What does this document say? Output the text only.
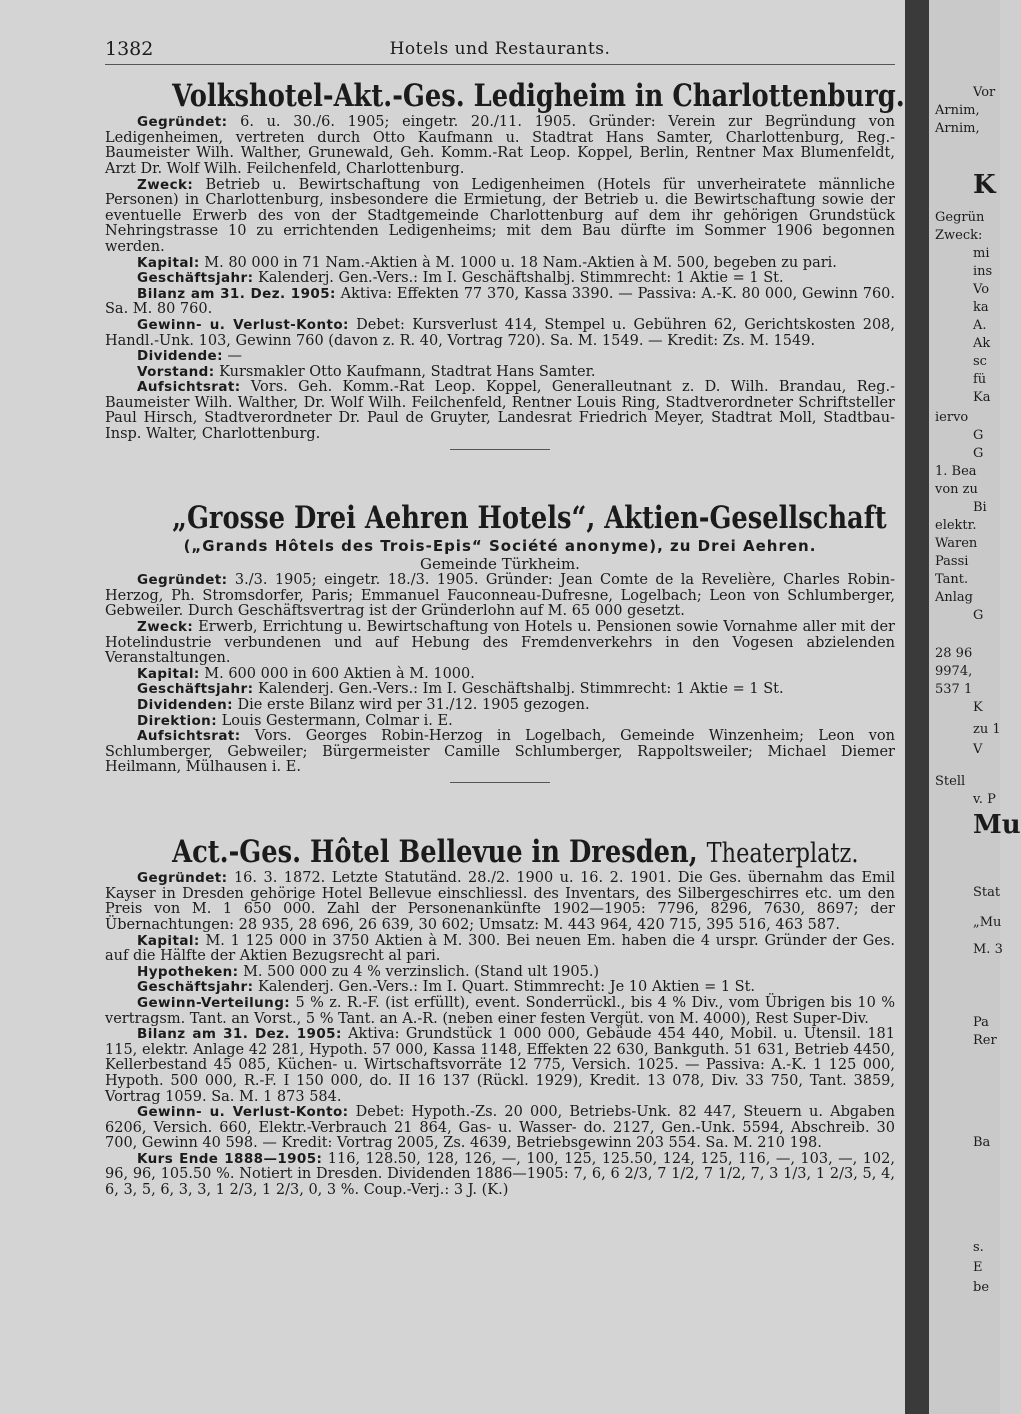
1382	Hotels und Restaurants.
Volkshotel-Akt.-Ges. Ledigheim in Charlottenburg.

Gegründet: 6. u. 30./6. 1905; eingetr. 20./11. 1905. Gründer: Verein zur Begründung von Ledigenheimen, vertreten durch Otto Kaufmann u. Stadtrat Hans Samter, Charlottenburg, Reg.-Baumeister Wilh. Walther, Grunewald, Geh. Komm.-Rat Leop. Koppel, Berlin, Rentner Max Blumenfeldt, Arzt Dr. Wolf Wilh. Feilchenfeld, Charlottenburg.

Zweck: Betrieb u. Bewirtschaftung von Ledigenheimen (Hotels für unverheiratete männliche Personen) in Charlottenburg, insbesondere die Ermietung, der Betrieb u. die Bewirtschaftung sowie der eventuelle Erwerb des von der Stadtgemeinde Charlottenburg auf dem ihr gehörigen Grundstück Nehringstrasse 10 zu errichtenden Ledigenheims; mit dem Bau dürfte im Sommer 1906 begonnen werden.

Kapital: M. 80 000 in 71 Nam.-Aktien à M. 1000 u. 18 Nam.-Aktien à M. 500, begeben zu pari.

Geschäftsjahr: Kalenderj. Gen.-Vers.: Im I. Geschäftshalbj. Stimmrecht: 1 Aktie = 1 St.

Bilanz am 31. Dez. 1905: Aktiva: Effekten 77 370, Kassa 3390. — Passiva: A.-K. 80 000, Gewinn 760. Sa. M. 80 760.

Gewinn- u. Verlust-Konto: Debet: Kursverlust 414, Stempel u. Gebühren 62, Gerichtskosten 208, Handl.-Unk. 103, Gewinn 760 (davon z. R. 40, Vortrag 720). Sa. M. 1549. — Kredit: Zs. M. 1549.

Dividende: —

Vorstand: Kursmakler Otto Kaufmann, Stadtrat Hans Samter.

Aufsichtsrat: Vors. Geh. Komm.-Rat Leop. Koppel, Generalleutnant z. D. Wilh. Brandau, Reg.-Baumeister Wilh. Walther, Dr. Wolf Wilh. Feilchenfeld, Rentner Louis Ring, Stadtverordneter Schriftsteller Paul Hirsch, Stadtverordneter Dr. Paul de Gruyter, Landesrat Friedrich Meyer, Stadtrat Moll, Stadtbau-Insp. Walter, Charlottenburg.

„Grosse Drei Aehren Hotels“, Aktien-Gesellschaft

(„Grands Hôtels des Trois-Epis“ Société anonyme), zu Drei Aehren.

Gemeinde Türkheim.

Gegründet: 3./3. 1905; eingetr. 18./3. 1905. Gründer: Jean Comte de la Revelière, Charles Robin-Herzog, Ph. Stromsdorfer, Paris; Emmanuel Fauconneau-Dufresne, Logelbach; Leon von Schlumberger, Gebweiler. Durch Geschäftsvertrag ist der Gründerlohn auf M. 65 000 gesetzt.

Zweck: Erwerb, Errichtung u. Bewirtschaftung von Hotels u. Pensionen sowie Vornahme aller mit der Hotelindustrie verbundenen und auf Hebung des Fremdenverkehrs in den Vogesen abzielenden Veranstaltungen.

Kapital: M. 600 000 in 600 Aktien à M. 1000.

Geschäftsjahr: Kalenderj. Gen.-Vers.: Im I. Geschäftshalbj. Stimmrecht: 1 Aktie = 1 St.

Dividenden: Die erste Bilanz wird per 31./12. 1905 gezogen.

Direktion: Louis Gestermann, Colmar i. E.

Aufsichtsrat: Vors. Georges Robin-Herzog in Logelbach, Gemeinde Winzenheim; Leon von Schlumberger, Gebweiler; Bürgermeister Camille Schlumberger, Rappoltsweiler; Michael Diemer Heilmann, Mülhausen i. E.

Act.-Ges. Hôtel Bellevue in Dresden, Theaterplatz.

Gegründet: 16. 3. 1872. Letzte Statutänd. 28./2. 1900 u. 16. 2. 1901. Die Ges. übernahm das Emil Kayser in Dresden gehörige Hotel Bellevue einschliessl. des Inventars, des Silbergeschirres etc. um den Preis von M. 1 650 000. Zahl der Personenankünfte 1902—1905: 7796, 8296, 7630, 8697; der Übernachtungen: 28 935, 28 696, 26 639, 30 602; Umsatz: M. 443 964, 420 715, 395 516, 463 587.

Kapital: M. 1 125 000 in 3750 Aktien à M. 300. Bei neuen Em. haben die 4 urspr. Gründer der Ges. auf die Hälfte der Aktien Bezugsrecht al pari.

Hypotheken: M. 500 000 zu 4 % verzinslich. (Stand ult 1905.)

Geschäftsjahr: Kalenderj. Gen.-Vers.: Im I. Quart. Stimmrecht: Je 10 Aktien = 1 St.

Gewinn-Verteilung: 5 % z. R.-F. (ist erfüllt), event. Sonderrückl., bis 4 % Div., vom Übrigen bis 10 % vertragsm. Tant. an Vorst., 5 % Tant. an A.-R. (neben einer festen Vergüt. von M. 4000), Rest Super-Div.

Bilanz am 31. Dez. 1905: Aktiva: Grundstück 1 000 000, Gebäude 454 440, Mobil. u. Utensil. 181 115, elektr. Anlage 42 281, Hypoth. 57 000, Kassa 1148, Effekten 22 630, Bankguth. 51 631, Betrieb 4450, Kellerbestand 45 085, Küchen- u. Wirtschaftsvorräte 12 775, Versich. 1025. — Passiva: A.-K. 1 125 000, Hypoth. 500 000, R.-F. I 150 000, do. II 16 137 (Rückl. 1929), Kredit. 13 078, Div. 33 750, Tant. 3859, Vortrag 1059. Sa. M. 1 873 584.

Gewinn- u. Verlust-Konto: Debet: Hypoth.-Zs. 20 000, Betriebs-Unk. 82 447, Steuern u. Abgaben 6206, Versich. 660, Elektr.-Verbrauch 21 864, Gas- u. Wasser- do. 2127, Gen.-Unk. 5594, Abschreib. 30 700, Gewinn 40 598. — Kredit: Vortrag 2005, Zs. 4639, Betriebsgewinn 203 554. Sa. M. 210 198.

Kurs Ende 1888—1905: 116, 128.50, 128, 126, —, 100, 125, 125.50, 124, 125, 116, —, 103, —, 102, 96, 96, 105.50 %. Notiert in Dresden. Dividenden 1886—1905: 7, 6, 6 2/3, 7 1/2, 7 1/2, 7, 3 1/3, 1 2/3, 5, 4, 6, 3, 5, 6, 3, 3, 1 2/3, 1 2/3, 0, 3 %. Coup.-Verj.: 3 J. (K.)

Vor
Arnim,
Arnim,
K
Gegrün
Zweck:
mi
ins
Vo
ka
A.
Ak
sc
fü
Ka
iervo
G
G
1. Bea
von zu
Bi
elektr.
Waren
Passi
Tant.
Anlag
G
28 96
9974,
537 1
K
zu 1
V
Stell
v. P
Mu
Stat
„Mu
M. 3
Pa
Rer
Ba
s.
E
be
